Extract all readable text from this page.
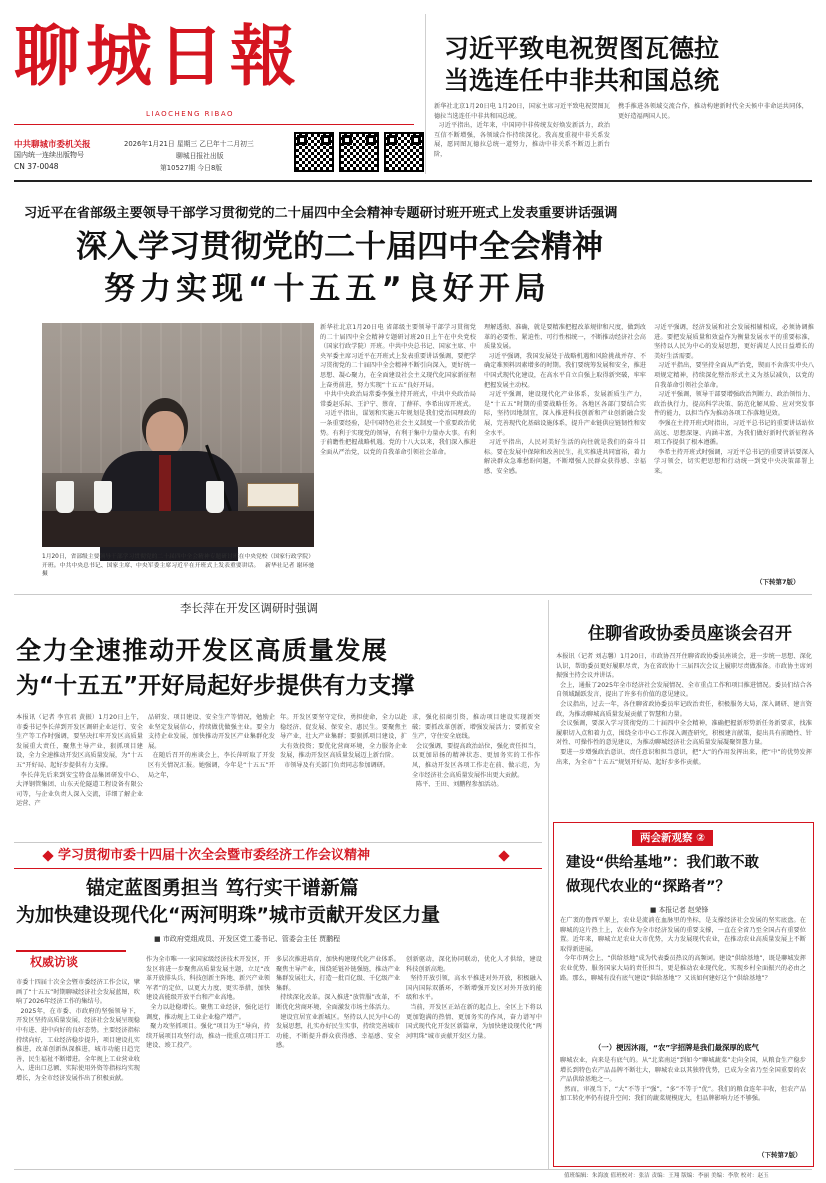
聊城日報
LIAOCHENG RIBAO
中共聊城市委机关报
国内统一连续出版物号
CN 37-0048
2026年1月21日 星期三 乙巳年十二月初三
聊城日报社出版
第10527期 今日8版
习近平致电祝贺图瓦德拉
当选连任中非共和国总统
新华社北京1月20日电 1月20日，国家主席习近平致电祝贺图瓦德拉当选连任中非共和国总统。
习近平指出，近年来，中国同中非传统友好焕发新活力，政治互信不断增强，各领域合作持续深化。我高度重视中非关系发展，愿同图瓦德拉总统一道努力，推动中非关系不断迈上新台阶，
携手推进各领域交流合作，推动构建新时代全天候中非命运共同体，更好造福两国人民。
习近平在省部级主要领导干部学习贯彻党的二十届四中全会精神专题研讨班开班式上发表重要讲话强调
深入学习贯彻党的二十届四中全会精神
努力实现“十五五”良好开局
1月20日，省部级主要领导干部学习贯彻党的二十届四中全会精神专题研讨班在中央党校（国家行政学院）开班。中共中央总书记、国家主席、中央军委主席习近平在开班式上发表重要讲话。   新华社记者 谢环驰 摄
新华社北京1月20日电 省部级主要领导干部学习贯彻党的二十届四中全会精神专题研讨班20日上午在中央党校（国家行政学院）开班。中共中央总书记、国家主席、中央军委主席习近平在开班式上发表重要讲话强调，要把学习贯彻党的二十届四中全会精神不断引向深入，更好统一思想、凝心聚力，在全面建设社会主义现代化国家新征程上奋勇前进，努力实现“十五五”良好开局。
中共中央政治局常委李强主持开班式，中共中央政治局常委赵乐际、王沪宁、蔡奇、丁薛祥、李希出席开班式。
习近平指出，谋划和实施五年规划是我们党治国理政的一条重要经验，是中国特色社会主义制度一个重要政治优势。有利于实现党的领导，有利于集中力量办大事。有利于前瞻性把握战略机遇。党的十八大以来，我们深入推进全面从严治党，以党的自我革命引领社会革命。
理解透彻、准确，就是要精准把握改革规律和尺度，做到改革的必要性、紧迫性、可行性相统一，不断推动经济社会高质量发展。
习近平强调，我国发展处于战略机遇和风险挑战并存、不确定难预料因素增多的时期。我们要统筹发展和安全，推进中国式现代化建设，在高水平自立自强上取得新突破，牢牢把握发展主动权。
习近平强调，建设现代化产业体系，发展新质生产力，是“十五五”时期的重要战略任务。各地区各部门要结合实际，坚持因地制宜，深入推进科技创新和产业创新融合发展，完善现代化基础设施体系，提升产业链供应链韧性和安全水平。
习近平指出，人民对美好生活的向往就是我们的奋斗目标。要在发展中保障和改善民生，扎实推进共同富裕，着力解决群众急难愁盼问题，不断增强人民群众获得感、幸福感、安全感。
习近平强调，经济发展和社会发展相辅相成，必须协调推进。要把发展质量和效益作为衡量发展水平的重要标准，坚持以人民为中心的发展思想，更好满足人民日益增长的美好生活需要。
习近平指出，要坚持全面从严治党，锲而不舍落实中央八项规定精神，持续深化整治形式主义为基层减负，以党的自我革命引领社会革命。
习近平强调，领导干部要增强政治判断力、政治领悟力、政治执行力，提高科学决策、防范化解风险、应对突发事件的能力，以担当作为推动各项工作落地见效。
李强在主持开班式时指出，习近平总书记的重要讲话站位高远、思想深邃、内涵丰富，为我们做好新时代新征程各项工作提供了根本遵循。
李希主持开班式时强调，习近平总书记的重要讲话要深入学习领会，切实把思想和行动统一到党中央决策部署上来。
（下转第7版）
李长萍在开发区调研时强调
全力全速推动开发区高质量发展
为“十五五”开好局起好步提供有力支撑
本报讯（记者 李宜君 黄振）1月20日上午，市委书记李长萍到开发区调研企业运行、安全生产等工作时强调，要坚决扛牢开发区高质量发展重大责任，聚焦主导产业，狠抓项目建设，全力全速推动开发区高质量发展，为“十五五”开好局、起好步提供有力支撑。
李长萍先后来到安宝特食品集团研发中心、大泽钢管集团、山东天伦隧道工程设备有限公司等，与企业负责人深入交流，详细了解企业运营、产
品研发、项目建设、安全生产等情况，勉励企业坚定发展信心，持续做优做强主业。要全力支持企业发展，加快推动开发区产业集群化发展。
在随后召开的座谈会上，李长萍听取了开发区有关情况汇报。她强调，今年是“十五五”开局之年，
年。开发区要坚守定位，勇担使命，全力以赴稳经济、促发展、保安全、惠民生。要聚焦主导产业，壮大产业集群；要狠抓项目建设，扩大有效投资；要优化营商环境，全力服务企业发展，推动开发区高质量发展迈上新台阶。
市领导及有关部门负责同志参加调研。
求，强化招商引资，推动项目建设实现新突破；要抓改革创新，增强发展活力；要抓安全生产，守住安全底线。
会议强调，要提高政治站位，强化责任担当，以更加昂扬的精神状态、更加务实的工作作风，推动开发区各项工作走在前、做示范，为全市经济社会高质量发展作出更大贡献。
陈平、王田、刘鹏程参加活动。
住聊省政协委员座谈会召开
本报讯（记者 刘志馨）1月20日，市政协召开住聊省政协委员座谈会，进一步统一思想、深化认识，帮助委员更好履职尽责，为在省政协十三届四次会议上履职尽责做准备。市政协主席刘振强主持会议并讲话。
会上，通报了2025年全市经济社会发展情况、全市重点工作和项目推进情况。委员们结合各自领域踊跃发言，提出了许多有价值的意见建议。
会议指出，过去一年，各住聊省政协委员牢记政治责任，积极服务大局，深入调研、建言资政，为推动聊城高质量发展贡献了智慧和力量。
会议强调，要深入学习贯彻党的二十届四中全会精神，准确把握新形势新任务新要求，找准履职切入点和着力点，围绕全市中心工作深入调查研究，积极建言献策，提出具有前瞻性、针对性、可操作性的意见建议，为推动聊城经济社会高质量发展凝聚智慧力量。
要进一步增强政治意识、责任意识和担当意识，把“大”的作用发挥出来，把“中”的优势发挥出来，为全市“十五五”规划开好局、起好步多作贡献。
学习贯彻市委十四届十次全会暨市委经济工作会议精神
锚定蓝图勇担当 笃行实干谱新篇
为加快建设现代化“两河明珠”城市贡献开发区力量
■ 市政府党组成员、开发区党工委书记、管委会主任 贾鹏程
权威访谈
市委十四届十次全会暨市委经济工作会议，擘画了“十五五”时期聊城经济社会发展蓝图，吹响了2026年经济工作的集结号。
2025年，在市委、市政府的坚强领导下，开发区坚持高质量发展，经济社会发展呈现稳中有进、进中向好的良好态势。主要经济指标持续向好，工业经济稳步提升，项目建设扎实推进，改革创新纵深推进，城市功能日趋完善，民生福祉不断增进。全年规上工业营业收入、进出口总额、实际使用外资等指标均实现增长，为全市经济发展作出了积极贡献。
作为全市唯一一家国家级经济技术开发区，开发区将进一步聚焦高质量发展主题，立足“改革开放排头兵、科技创新主阵地、新兴产业领军者”的定位，以更大力度、更实举措，加快建设高能级开放平台和产业高地。
全力以赴稳增长。聚焦工业经济，强化运行调度，推动规上工业企业稳产增产。
聚力攻坚抓项目。强化“项目为王”导向，持续开展项目攻坚行动，推动一批重点项目开工建设、竣工投产。
多层次推进培育，加快构建现代化产业体系。聚焦主导产业，围绕延链补链强链，推动产业集群发展壮大，打造一批百亿级、千亿级产业集群。
持续深化改革。深入推进“放管服”改革，不断优化营商环境，全面激发市场主体活力。
建设宜居宜业新城区。坚持以人民为中心的发展思想，扎实办好民生实事，持续完善城市功能，不断提升群众获得感、幸福感、安全感。
创新驱动，深化协同联动，优化人才供给，建设科技创新高地。
坚持开放引领，高水平推进对外开放，积极融入国内国际双循环，不断增强开发区对外开放的能级和水平。
当前，开发区正站在新的起点上，全区上下将以更加饱满的热情、更加务实的作风，奋力谱写中国式现代化开发区新篇章，为加快建设现代化“两河明珠”城市贡献开发区力量。
两会新观察 ②
建设“供给基地”：我们敢不敢
做现代农业的“探路者”？
■ 本报记者 赵荣锋
在广袤的鲁西平原上，农业是流淌在血脉里的坐标，是支撑经济社会发展的坚实底盘。在聊城的这片热土上，农业作为全市经济发展的重要支撑，一直在全省乃至全国占有重要位置。近年来，聊城立足农业大市优势，大力发展现代农业，在推动农业高质量发展上不断取得新进展。
今年市两会上，“供给基地”成为代表委员热议的高频词。建设“供给基地”，既是聊城发挥农业优势、服务国家大局的责任担当，更是推动农业现代化、实现乡村全面振兴的必由之路。那么，聊城有没有底气建设“供给基地”？又该如何建好这个“供给基地”？
（一）梗因沐雨，“农”字招牌是我们最深厚的底气
聊城农业，向来是有底气的。从“北菜南运”到如今“聊城蔬菜”走向全国，从粮食生产稳步增长到特色农产品品牌不断壮大，聊城农业以其独特优势，已成为全省乃至全国重要的农产品供给基地之一。
然而，审视当下，“大”不等于“强”，“多”不等于“优”。我们的粮食连年丰收，但农产品加工转化率仍有提升空间；我们的蔬菜规模庞大，但品牌影响力还不够强。
（下转第7版）
值班编辑：朱海波 值班校对：张洁 责编：王翔 版编：李丽 美编：李欣 校对：赵玉
